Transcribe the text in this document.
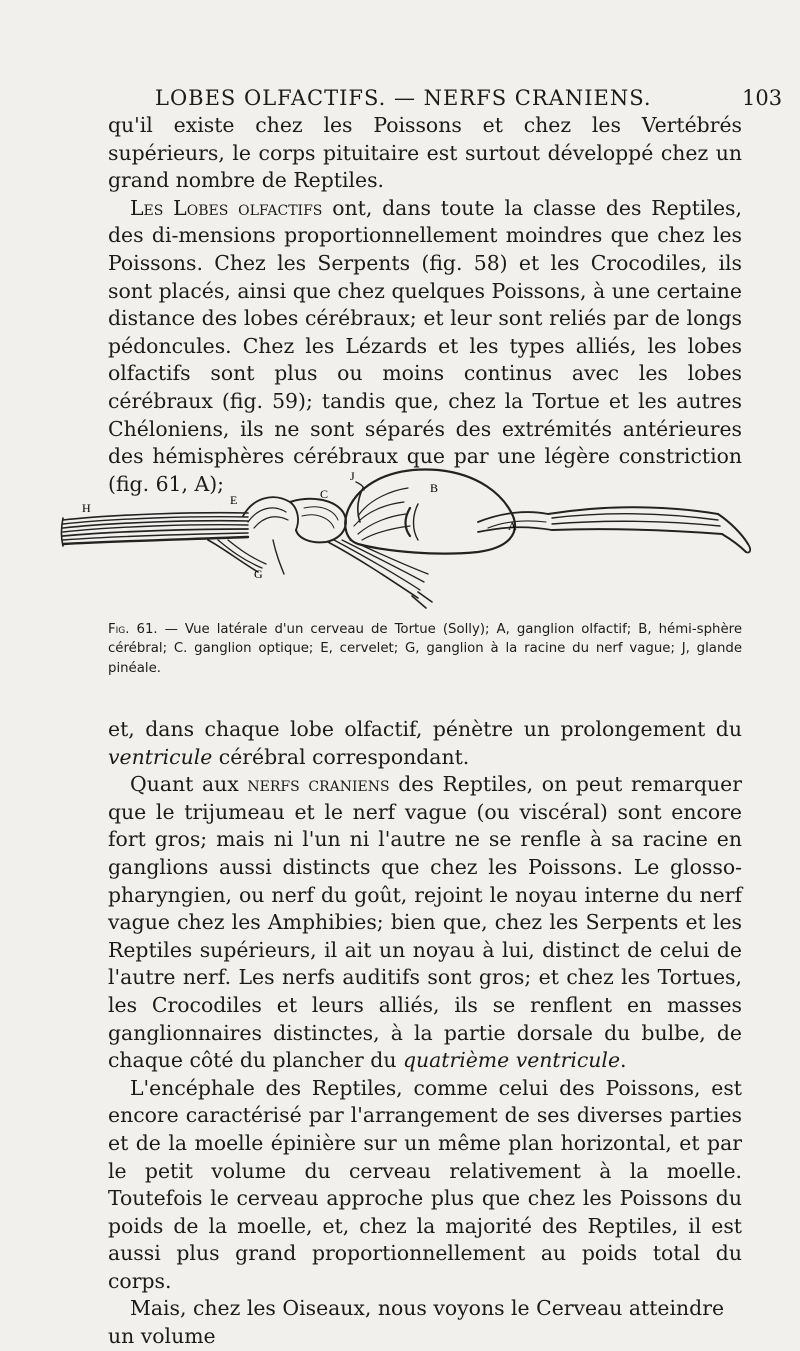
LOBES OLFACTIFS. — NERFS CRANIENS.	103

qu'il existe chez les Poissons et chez les Vertébrés supérieurs, le corps pituitaire est surtout développé chez un grand nombre de Reptiles.

Les Lobes olfactifs ont, dans toute la classe des Reptiles, des di-mensions proportionnellement moindres que chez les Poissons. Chez les Serpents (fig. 58) et les Crocodiles, ils sont placés, ainsi que chez quelques Poissons, à une certaine distance des lobes cérébraux; et leur sont reliés par de longs pédoncules. Chez les Lézards et les types alliés, les lobes olfactifs sont plus ou moins continus avec les lobes cérébraux (fig. 59); tandis que, chez la Tortue et les autres Chéloniens, ils ne sont séparés des extrémités antérieures des hémisphères cérébraux que par une légère constriction (fig. 61, A);

H
E	C
J
B
A
G
Fig. 61. — Vue latérale d'un cerveau de Tortue (Solly); A, ganglion olfactif; B, hémi-sphère cérébral; C. ganglion optique; E, cervelet; G, ganglion à la racine du nerf vague; J, glande pinéale.

et, dans chaque lobe olfactif, pénètre un prolongement du ventricule cérébral correspondant.

Quant aux nerfs craniens des Reptiles, on peut remarquer que le trijumeau et le nerf vague (ou viscéral) sont encore fort gros; mais ni l'un ni l'autre ne se renfle à sa racine en ganglions aussi distincts que chez les Poissons. Le glosso-pharyngien, ou nerf du goût, rejoint le noyau interne du nerf vague chez les Amphibies; bien que, chez les Serpents et les Reptiles supérieurs, il ait un noyau à lui, distinct de celui de l'autre nerf. Les nerfs auditifs sont gros; et chez les Tortues, les Crocodiles et leurs alliés, ils se renflent en masses ganglionnaires distinctes, à la partie dorsale du bulbe, de chaque côté du plancher du quatrième ventricule.

L'encéphale des Reptiles, comme celui des Poissons, est encore caractérisé par l'arrangement de ses diverses parties et de la moelle épinière sur un même plan horizontal, et par le petit volume du cerveau relativement à la moelle. Toutefois le cerveau approche plus que chez les Poissons du poids de la moelle, et, chez la majorité des Reptiles, il est aussi plus grand proportionnellement au poids total du corps.

Mais, chez les Oiseaux, nous voyons le Cerveau atteindre un volume
